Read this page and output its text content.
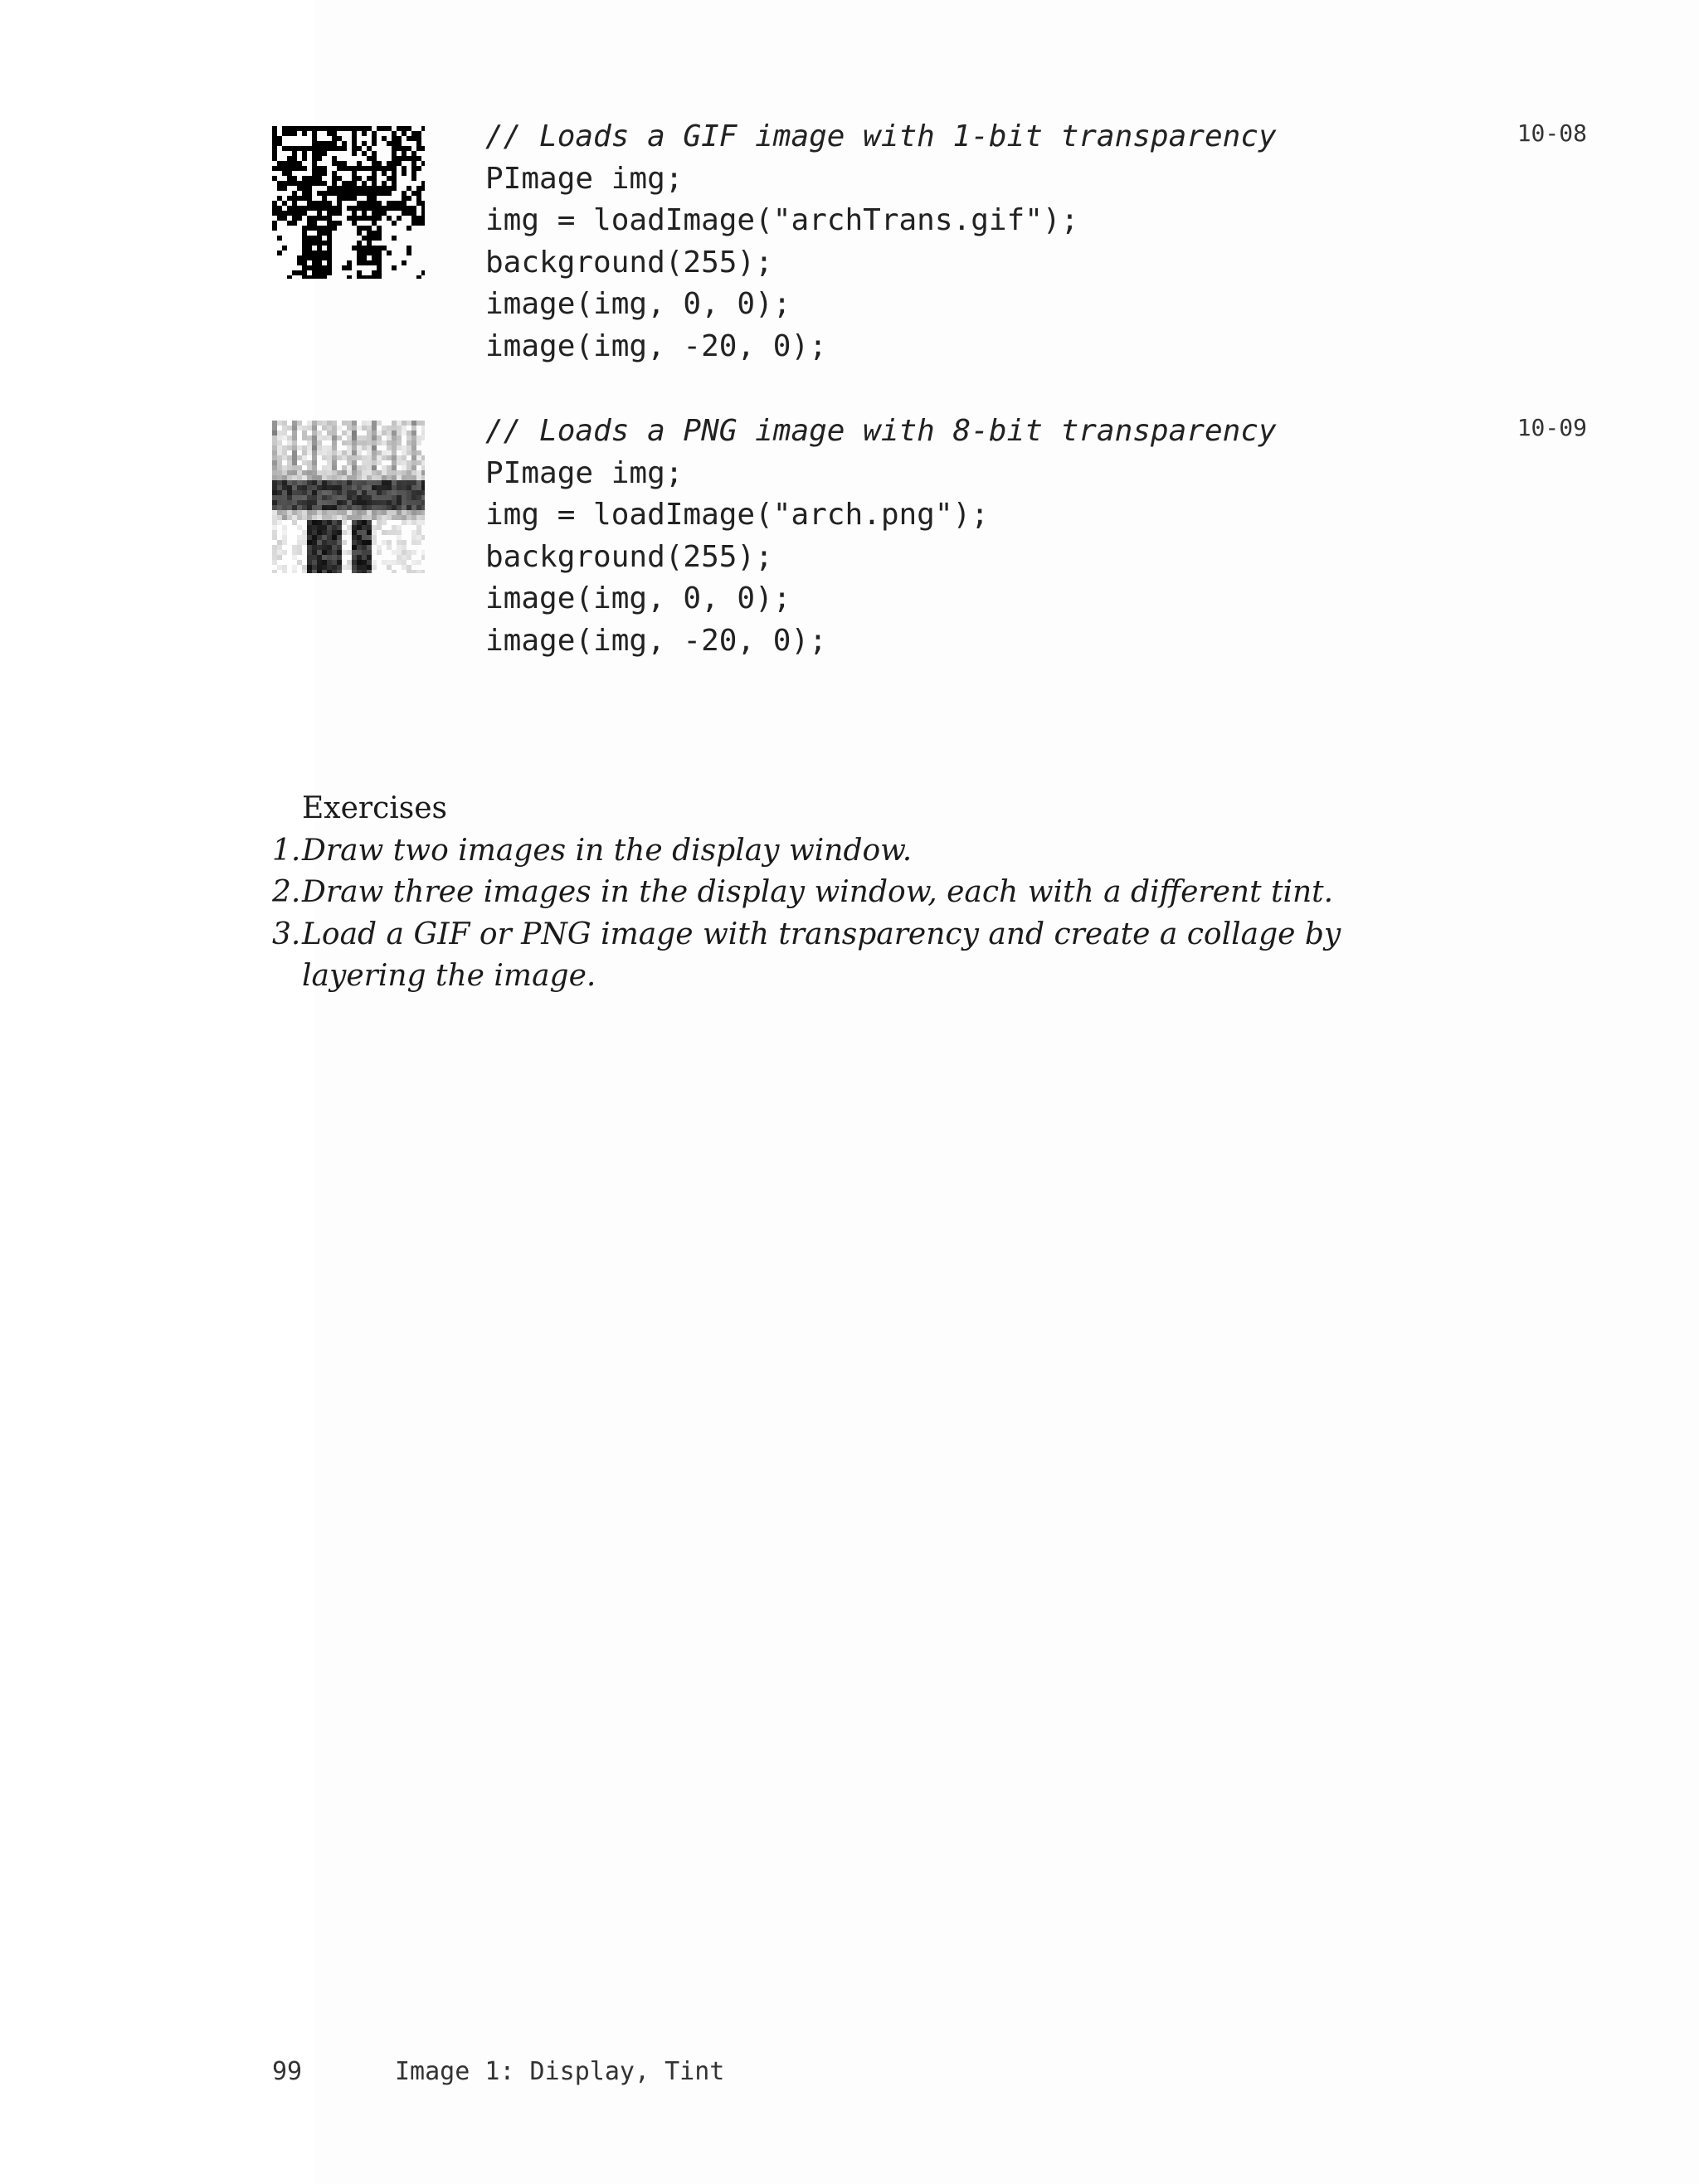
// Loads a GIF image with 1-bit transparency
PImage img;
img = loadImage("archTrans.gif");
background(255);
image(img, 0, 0);
image(img, -20, 0);
10-08
// Loads a PNG image with 8-bit transparency
PImage img;
img = loadImage("arch.png");
background(255);
image(img, 0, 0);
image(img, -20, 0);
10-09
Exercises
1. Draw two images in the display window.
2. Draw three images in the display window, each with a different tint.
3. Load a GIF or PNG image with transparency and create a collage by layering the image.
99	Image 1: Display, Tint
